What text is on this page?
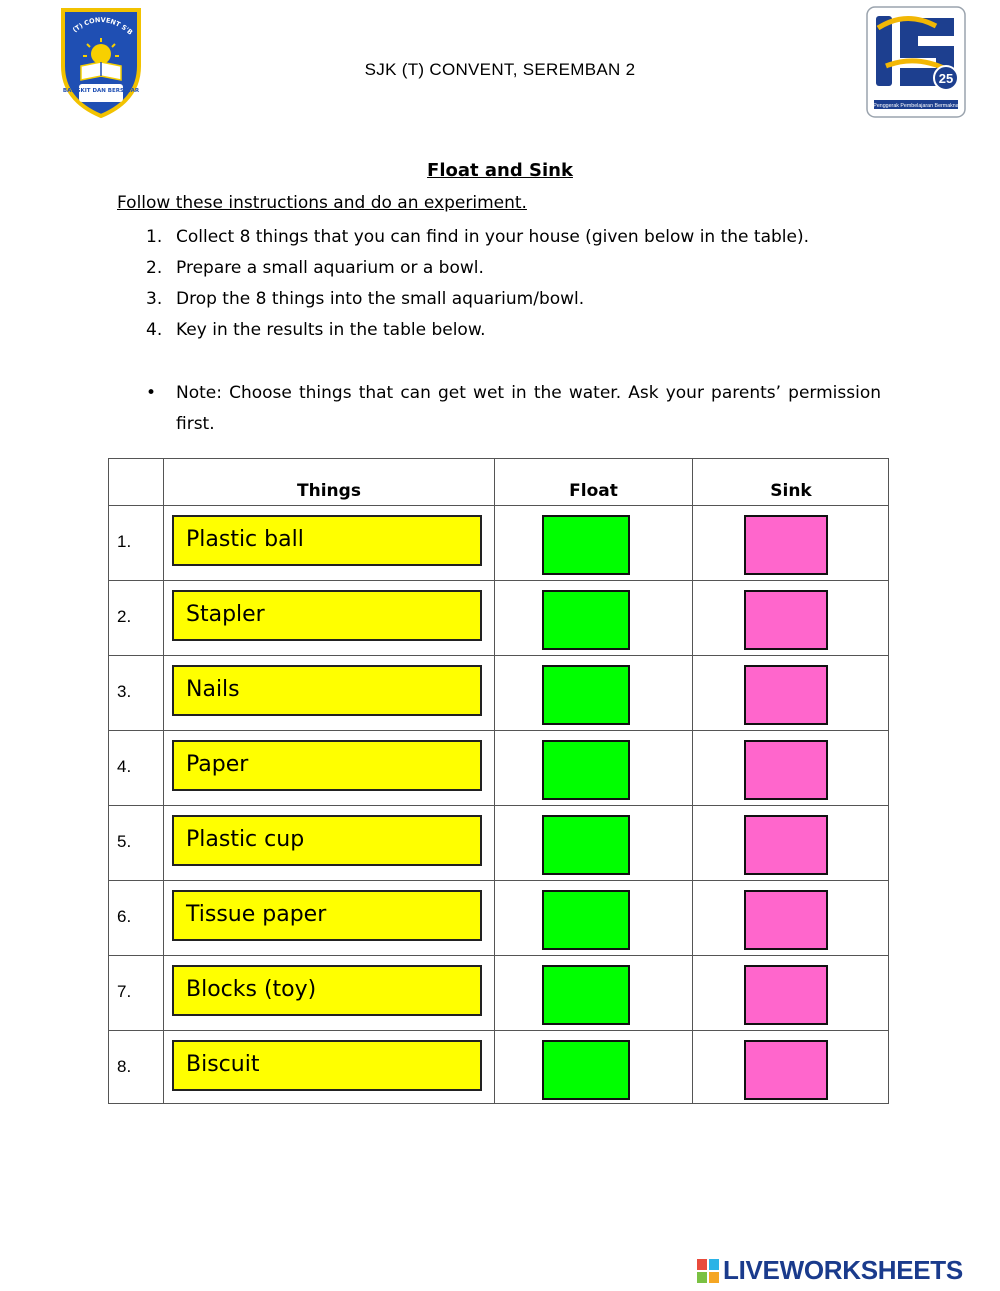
(T) CONVENT S'B
BANGKIT DAN BERSINAR
SJK (T) CONVENT, SEREMBAN 2	25
Penggerak Pembelajaran Bermakna
Float and Sink
Follow these instructions and do an experiment.
1. Collect 8 things that you can find in your house (given below in the table).
2. Prepare a small aquarium or a bowl.
3. Drop the 8 things into the small aquarium/bowl.
4. Key in the results in the table below.
•	Note: Choose things that can get wet in the water. Ask your parents’ permission first.
Things	Float	Sink
1.	Plastic ball
2.	Stapler
3.	Nails
4.	Paper
5.	Plastic cup
6.	Tissue paper
7.	Blocks (toy)
8.	Biscuit
LIVEWORKSHEETS
